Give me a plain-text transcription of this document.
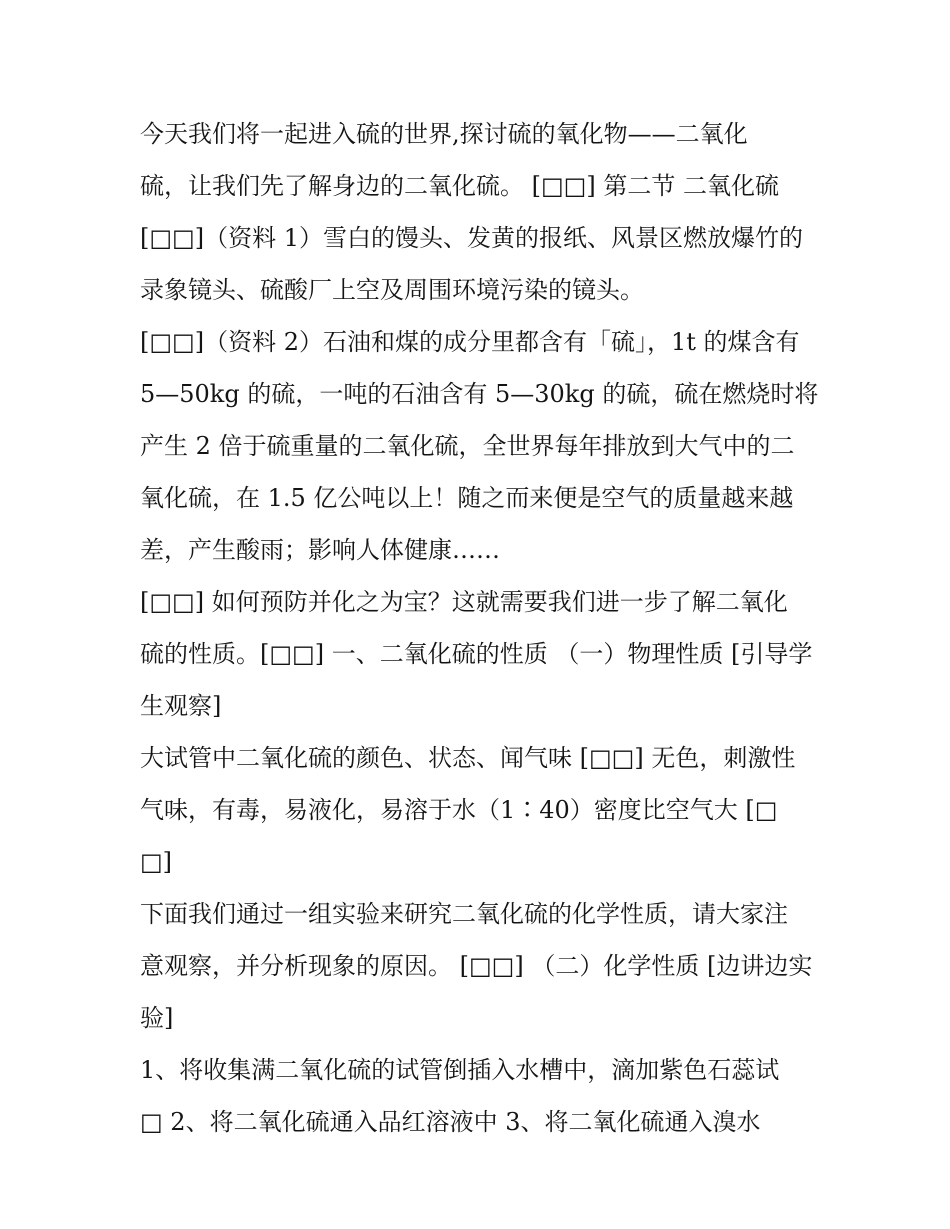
今天我们将一起进入硫的世界,探讨硫的氧化物——二氧化
硫，让我们先了解身边的二氧化硫。 [□□] 第二节 二氧化硫
[□□]（资料 1）雪白的馒头、发黄的报纸、风景区燃放爆竹的
录象镜头、硫酸厂上空及周围环境污染的镜头。
[□□]（资料 2）石油和煤的成分里都含有「硫」，1t 的煤含有
5—50kg 的硫，一吨的石油含有 5—30kg 的硫，硫在燃烧时将
产生 2 倍于硫重量的二氧化硫，全世界每年排放到大气中的二
氧化硫，在 1.5 亿公吨以上！随之而来便是空气的质量越来越
差，产生酸雨；影响人体健康……
[□□] 如何预防并化之为宝？这就需要我们进一步了解二氧化
硫的性质。[□□] 一、二氧化硫的性质 （一）物理性质 [引导学
生观察]
大试管中二氧化硫的颜色、状态、闻气味 [□□] 无色，刺激性
气味，有毒，易液化，易溶于水（1∶40）密度比空气大 [□
□]
下面我们通过一组实验来研究二氧化硫的化学性质，请大家注
意观察，并分析现象的原因。 [□□] （二）化学性质 [边讲边实
验]
1、将收集满二氧化硫的试管倒插入水槽中，滴加紫色石蕊试
□ 2、将二氧化硫通入品红溶液中 3、将二氧化硫通入溴水
